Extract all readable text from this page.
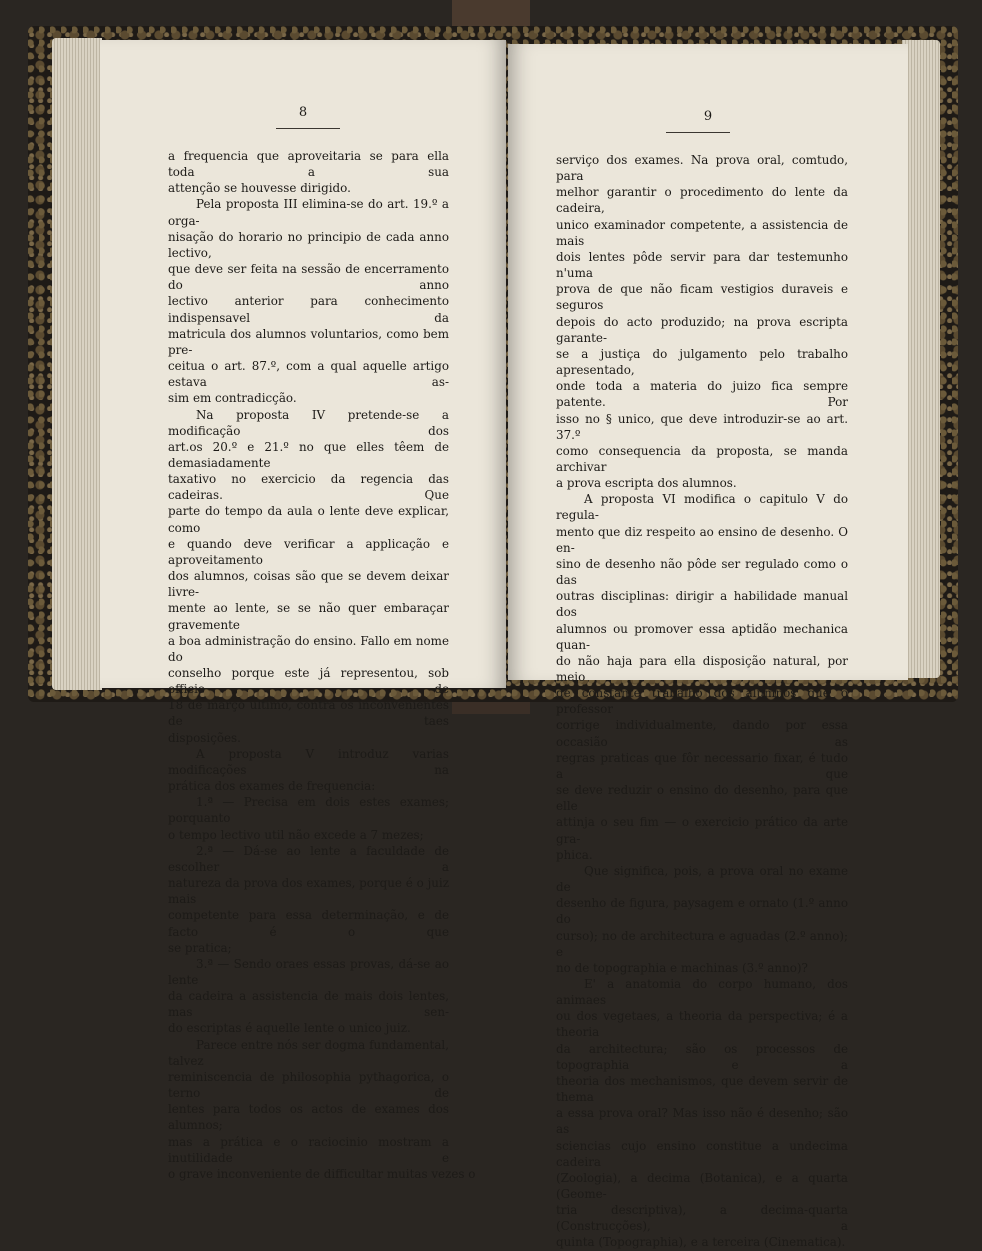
8
a frequencia que aproveitaria se para ella toda a sua
attenção se houvesse dirigido.
Pela proposta III elimina-se do art. 19.º a orga-
nisação do horario no principio de cada anno lectivo,
que deve ser feita na sessão de encerramento do anno
lectivo anterior para conhecimento indispensavel da
matricula dos alumnos voluntarios, como bem pre-
ceitua o art. 87.º, com a qual aquelle artigo estava as-
sim em contradicção.
Na proposta IV pretende-se a modificação dos
art.os 20.º e 21.º no que elles têem de demasiadamente
taxativo no exercicio da regencia das cadeiras. Que
parte do tempo da aula o lente deve explicar, como
e quando deve verificar a applicação e aproveitamento
dos alumnos, coisas são que se devem deixar livre-
mente ao lente, se se não quer embaraçar gravemente
a boa administração do ensino. Fallo em nome do
conselho porque este já representou, sob officio de
18 de março ultimo, contra os inconvenientes de taes
disposições.
A proposta V introduz varias modificações na
prática dos exames de frequencia:
1.ª — Precisa em dois estes exames; porquanto
o tempo lectivo util não excede a 7 mezes;
2.ª — Dá-se ao lente a faculdade de escolher a
natureza da prova dos exames, porque é o juiz mais
competente para essa determinação, e de facto é o que
se pratica;
3.ª — Sendo oraes essas provas, dá-se ao lente
da cadeira a assistencia de mais dois lentes, mas sen-
do escriptas é aquelle lente o unico juiz.
Parece entre nós ser dogma fundamental, talvez
reminiscencia de philosophia pythagorica, o terno de
lentes para todos os actos de exames dos alumnos;
mas a prática e o raciocinio mostram a inutilidade e
o grave inconveniente de difficultar muitas vezes o
9
serviço dos exames. Na prova oral, comtudo, para
melhor garantir o procedimento do lente da cadeira,
unico examinador competente, a assistencia de mais
dois lentes pôde servir para dar testemunho n'uma
prova de que não ficam vestigios duraveis e seguros
depois do acto produzido; na prova escripta garante-
se a justiça do julgamento pelo trabalho apresentado,
onde toda a materia do juizo fica sempre patente. Por
isso no § unico, que deve introduzir-se ao art. 37.º
como consequencia da proposta, se manda archivar
a prova escripta dos alumnos.
A proposta VI modifica o capitulo V do regula-
mento que diz respeito ao ensino de desenho. O en-
sino de desenho não pôde ser regulado como o das
outras disciplinas: dirigir a habilidade manual dos
alumnos ou promover essa aptidão mechanica quan-
do não haja para ella disposição natural, por meio
de constante trabalho dos alumnos que o professor
corrige individualmente, dando por essa occasião as
regras praticas que fôr necessario fixar, é tudo a que
se deve reduzir o ensino do desenho, para que elle
attinja o seu fim — o exercicio prático da arte gra-
phica.
Que significa, pois, a prova oral no exame de
desenho de figura, paysagem e ornato (1.º anno do
curso); no de architectura e aguadas (2.º anno); e
no de topographia e machinas (3.º anno)?
E' a anatomia do corpo humano, dos animaes
ou dos vegetaes, a theoria da perspectiva; é a theoria
da architectura; são os processos de topographia e a
theoria dos mechanismos, que devem servir de thema
a essa prova oral? Mas isso não é desenho; são as
sciencias cujo ensino constitue a undecima cadeira
(Zoologia), a decima (Botanica), e a quarta (Geome-
tria descriptiva), a decima-quarta (Construcções), a
quinta (Topographia), e a terceira (Cinematica).
